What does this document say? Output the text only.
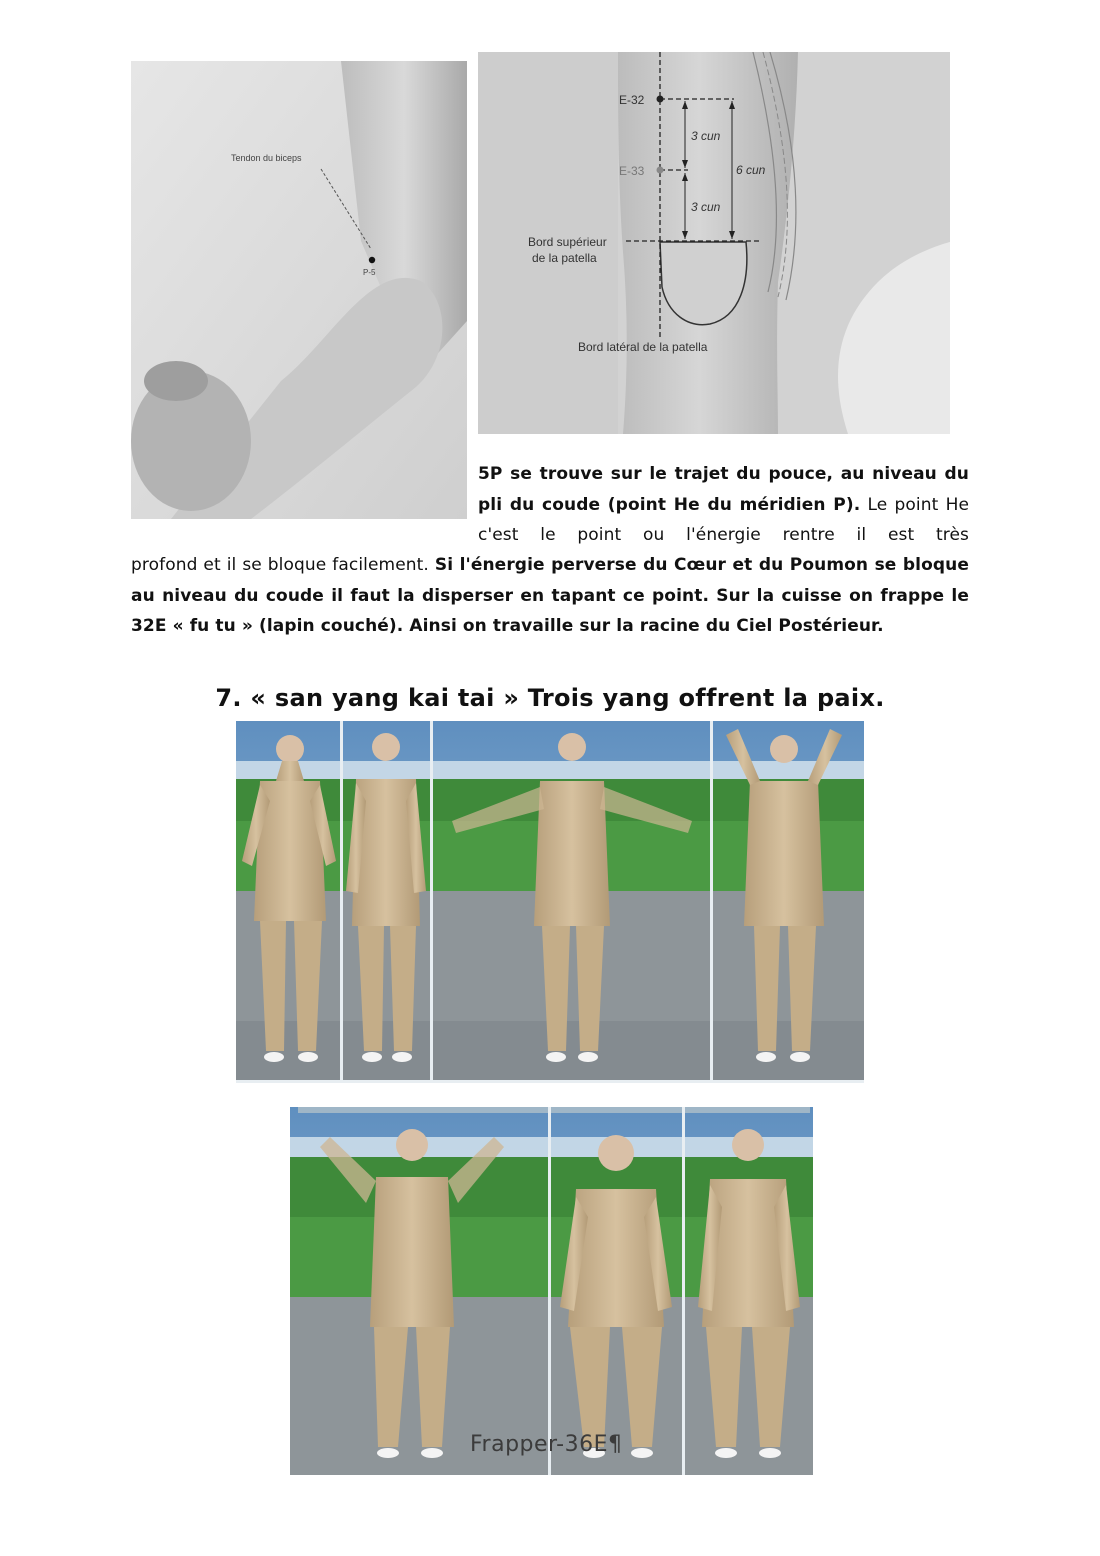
Tendon du biceps
P-5
E-32
E-33
3 cun
3 cun
6 cun
Bord supérieur
de la patella
Bord latéral de la patella

5P se trouve sur le trajet du pouce, au niveau du pli du coude (point He du méridien P). Le point He c'est le point ou l'énergie rentre il est très

profond et il se bloque facilement. Si l'énergie perverse du Cœur et du Poumon se bloque au niveau du coude il faut la disperser en tapant ce point. Sur la cuisse on frappe le 32E « fu tu » (lapin couché). Ainsi on travaille sur la racine du Ciel Postérieur.

7. « san yang kai tai » Trois yang offrent la paix.
Frapper-36E¶
